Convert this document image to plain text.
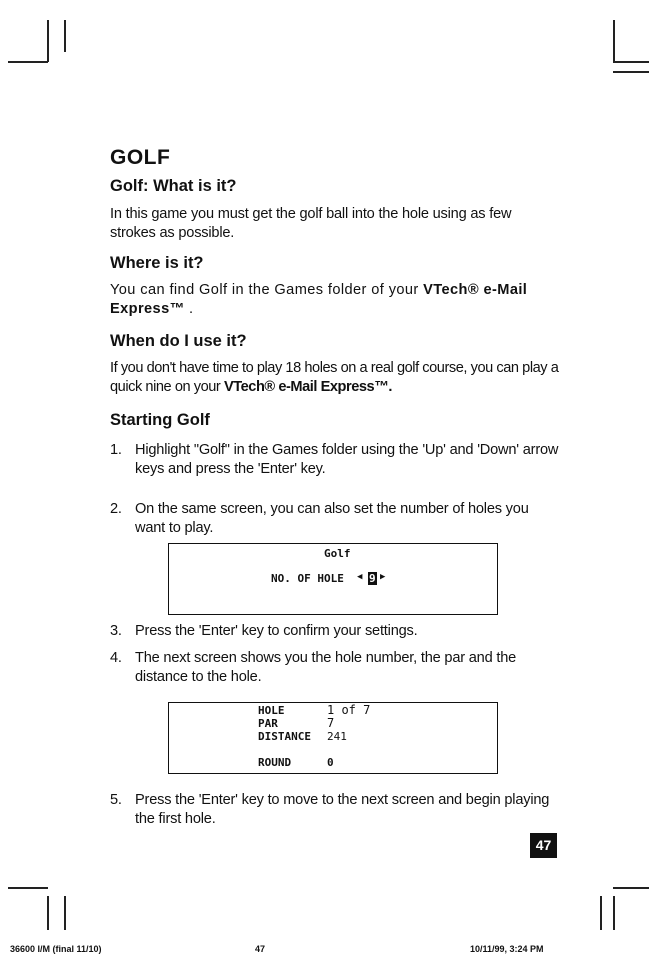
GOLF
Golf: What is it?
In this game you must get the golf ball into the hole using as few strokes as possible.
Where is it?
You can find Golf in the Games folder of your VTech® e-Mail Express™ .
When do I use it?
If you don't have time to play 18 holes on a real golf course, you can play a quick nine on your VTech® e-Mail Express™.
Starting Golf
1. Highlight "Golf" in the Games folder using the 'Up' and 'Down' arrow keys and press the 'Enter' key.
2. On the same screen, you can also set the number of holes you want to play.
Golf
NO. OF HOLE ◀ 9 ▶
3. Press the 'Enter' key to confirm your settings.
4. The next screen shows you the hole number, the par and the distance to the hole.
HOLE	1 of 7
PAR	7
DISTANCE 241
ROUND	0
5. Press the 'Enter' key to move to the next screen and begin playing the first hole.
47
36600 I/M (final 11/10)	47	10/11/99, 3:24 PM
